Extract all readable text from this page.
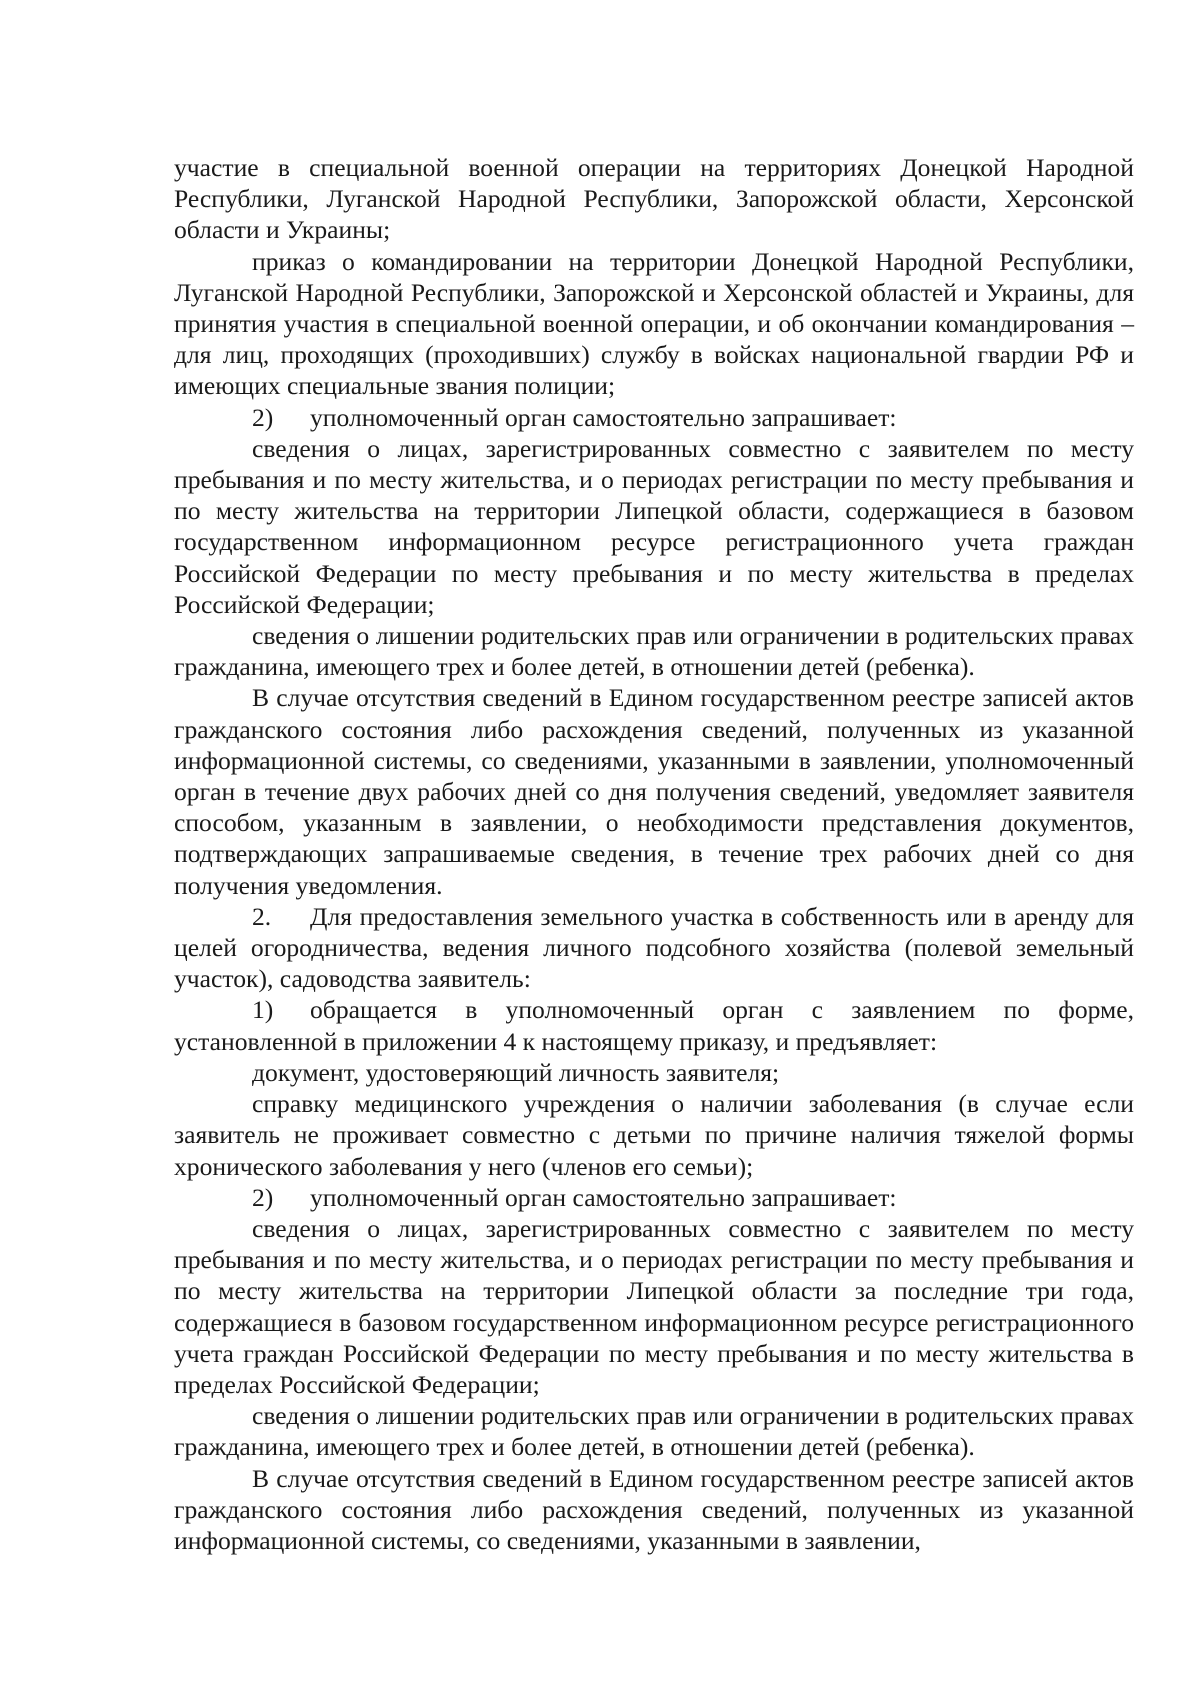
участие в специальной военной операции на территориях Донецкой Народной Республики, Луганской Народной Республики, Запорожской области, Херсонской области и Украины;

приказ о командировании на территории Донецкой Народной Республики, Луганской Народной Республики, Запорожской и Херсонской областей и Украины, для принятия участия в специальной военной операции, и об окончании командирования – для лиц, проходящих (проходивших) службу в войсках национальной гвардии РФ и имеющих специальные звания полиции;

2) уполномоченный орган самостоятельно запрашивает:

сведения о лицах, зарегистрированных совместно с заявителем по месту пребывания и по месту жительства, и о периодах регистрации по месту пребывания и по месту жительства на территории Липецкой области, содержащиеся в базовом государственном информационном ресурсе регистрационного учета граждан Российской Федерации по месту пребывания и по месту жительства в пределах Российской Федерации;

сведения о лишении родительских прав или ограничении в родительских правах гражданина, имеющего трех и более детей, в отношении детей (ребенка).

В случае отсутствия сведений в Едином государственном реестре записей актов гражданского состояния либо расхождения сведений, полученных из указанной информационной системы, со сведениями, указанными в заявлении, уполномоченный орган в течение двух рабочих дней со дня получения сведений, уведомляет заявителя способом, указанным в заявлении, о необходимости представления документов, подтверждающих запрашиваемые сведения, в течение трех рабочих дней со дня получения уведомления.

2. Для предоставления земельного участка в собственность или в аренду для целей огородничества, ведения личного подсобного хозяйства (полевой земельный участок), садоводства заявитель:

1) обращается в уполномоченный орган с заявлением по форме, установленной в приложении 4 к настоящему приказу, и предъявляет:

документ, удостоверяющий личность заявителя;

справку медицинского учреждения о наличии заболевания (в случае если заявитель не проживает совместно с детьми по причине наличия тяжелой формы хронического заболевания у него (членов его семьи);

2) уполномоченный орган самостоятельно запрашивает:

сведения о лицах, зарегистрированных совместно с заявителем по месту пребывания и по месту жительства, и о периодах регистрации по месту пребывания и по месту жительства на территории Липецкой области за последние три года, содержащиеся в базовом государственном информационном ресурсе регистрационного учета граждан Российской Федерации по месту пребывания и по месту жительства в пределах Российской Федерации;

сведения о лишении родительских прав или ограничении в родительских правах гражданина, имеющего трех и более детей, в отношении детей (ребенка).

В случае отсутствия сведений в Едином государственном реестре записей актов гражданского состояния либо расхождения сведений, полученных из указанной информационной системы, со сведениями, указанными в заявлении,
